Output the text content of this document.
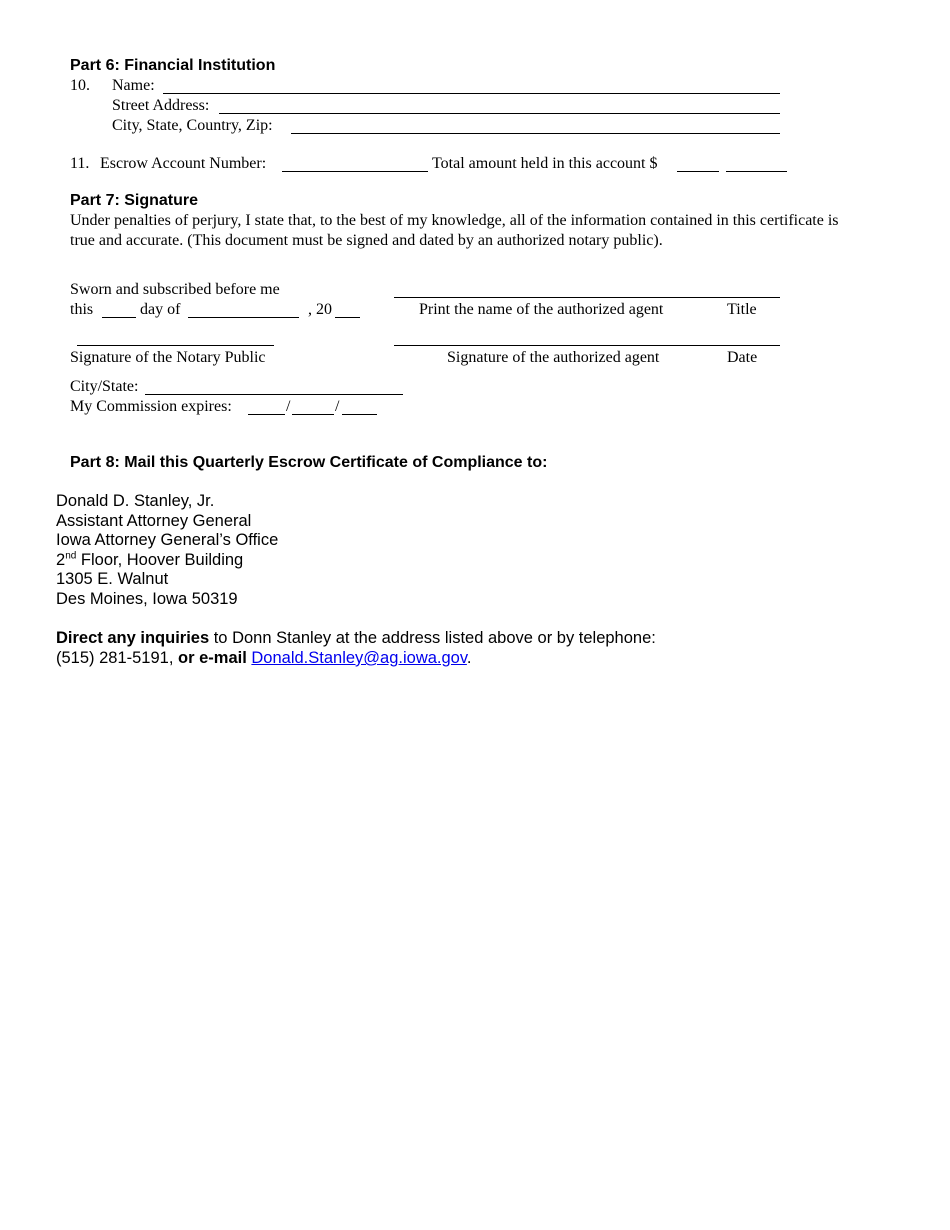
Part 6: Financial Institution
10. Name:
Street Address:
City, State, Country, Zip:
11. Escrow Account Number:	Total amount held in this account $
Part 7: Signature
Under penalties of perjury, I state that, to the best of my knowledge, all of the information contained in this certificate is
true and accurate. (This document must be signed and dated by an authorized notary public).
Sworn and subscribed before me
this	day of	, 20	Print the name of the authorized agent	Title
Signature of the Notary Public	Signature of the authorized agent	Date
City/State:
My Commission expires:	/	/
Part 8: Mail this Quarterly Escrow Certificate of Compliance to:
Donald D. Stanley, Jr.
Assistant Attorney General
Iowa Attorney General’s Office
2nd Floor, Hoover Building
1305 E. Walnut
Des Moines, Iowa 50319
Direct any inquiries to Donn Stanley at the address listed above or by telephone:
(515) 281-5191, or e-mail Donald.Stanley@ag.iowa.gov.
